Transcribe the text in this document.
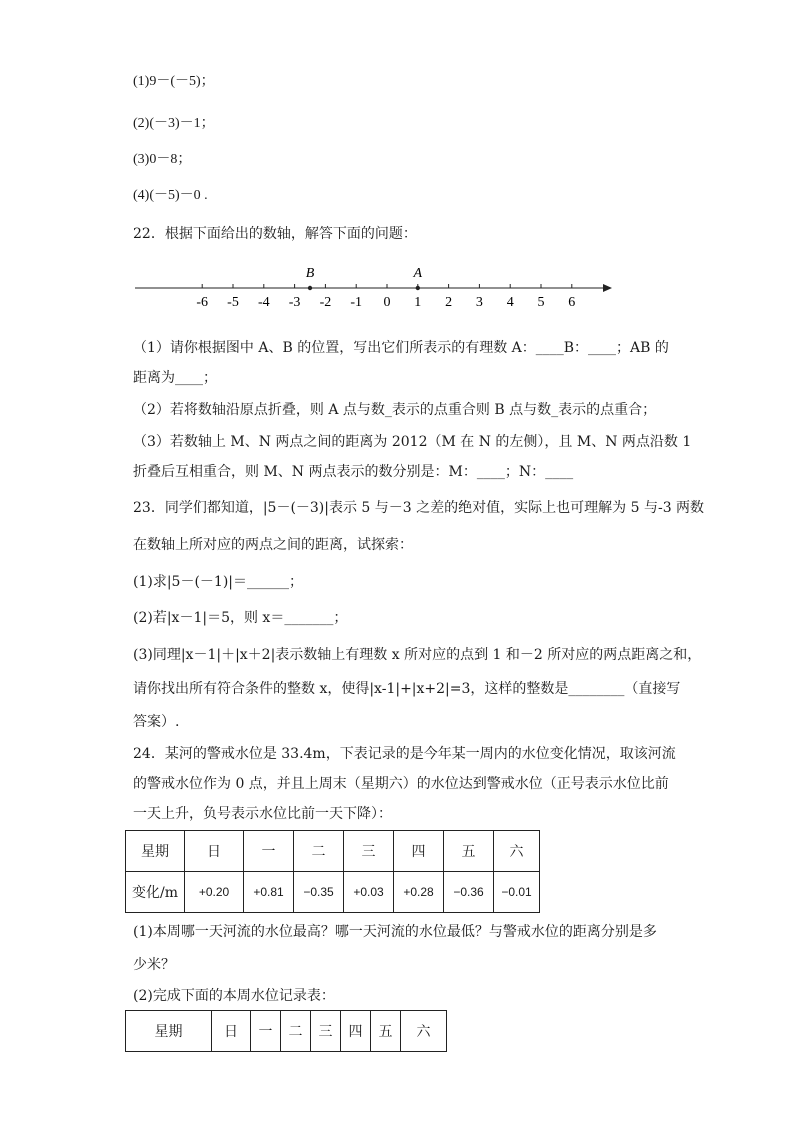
(1)9－(－5)；
(2)(－3)－1；
(3)0－8；
(4)(－5)－0 .
22．根据下面给出的数轴，解答下面的问题：
-6 -5 -4 -3 -2 -1 0 1 2 3 4 5 6
B	A
（1）请你根据图中 A、B 的位置，写出它们所表示的有理数 A：____B：____；AB 的
距离为____；
（2）若将数轴沿原点折叠，则 A 点与数_表示的点重合则 B 点与数_表示的点重合；
（3）若数轴上 M、N 两点之间的距离为 2012（M 在 N 的左侧），且 M、N 两点沿数 1
折叠后互相重合，则 M、N 两点表示的数分别是：M：____；N：____
23．同学们都知道，|5－(－3)|表示 5 与－3 之差的绝对值，实际上也可理解为 5 与-3 两数
在数轴上所对应的两点之间的距离，试探索：
(1)求|5－(－1)|＝______；
(2)若|x－1|＝5，则 x＝_______；
(3)同理|x－1|＋|x＋2|表示数轴上有理数 x 所对应的点到 1 和－2 所对应的两点距离之和，
请你找出所有符合条件的整数 x，使得|x-1|+|x+2|=3，这样的整数是________（直接写
答案）.
24．某河的警戒水位是 33.4m，下表记录的是今年某一周内的水位变化情况，取该河流
的警戒水位作为 0 点，并且上周末（星期六）的水位达到警戒水位（正号表示水位比前
一天上升，负号表示水位比前一天下降）：
星期	日	一	二	三	四	五	六
变化/m	+0.20	+0.81	−0.35	+0.03	+0.28	−0.36	−0.01
(1)本周哪一天河流的水位最高？哪一天河流的水位最低？与警戒水位的距离分别是多
少米？
(2)完成下面的本周水位记录表：
星期	日	一	二	三	四	五	六
